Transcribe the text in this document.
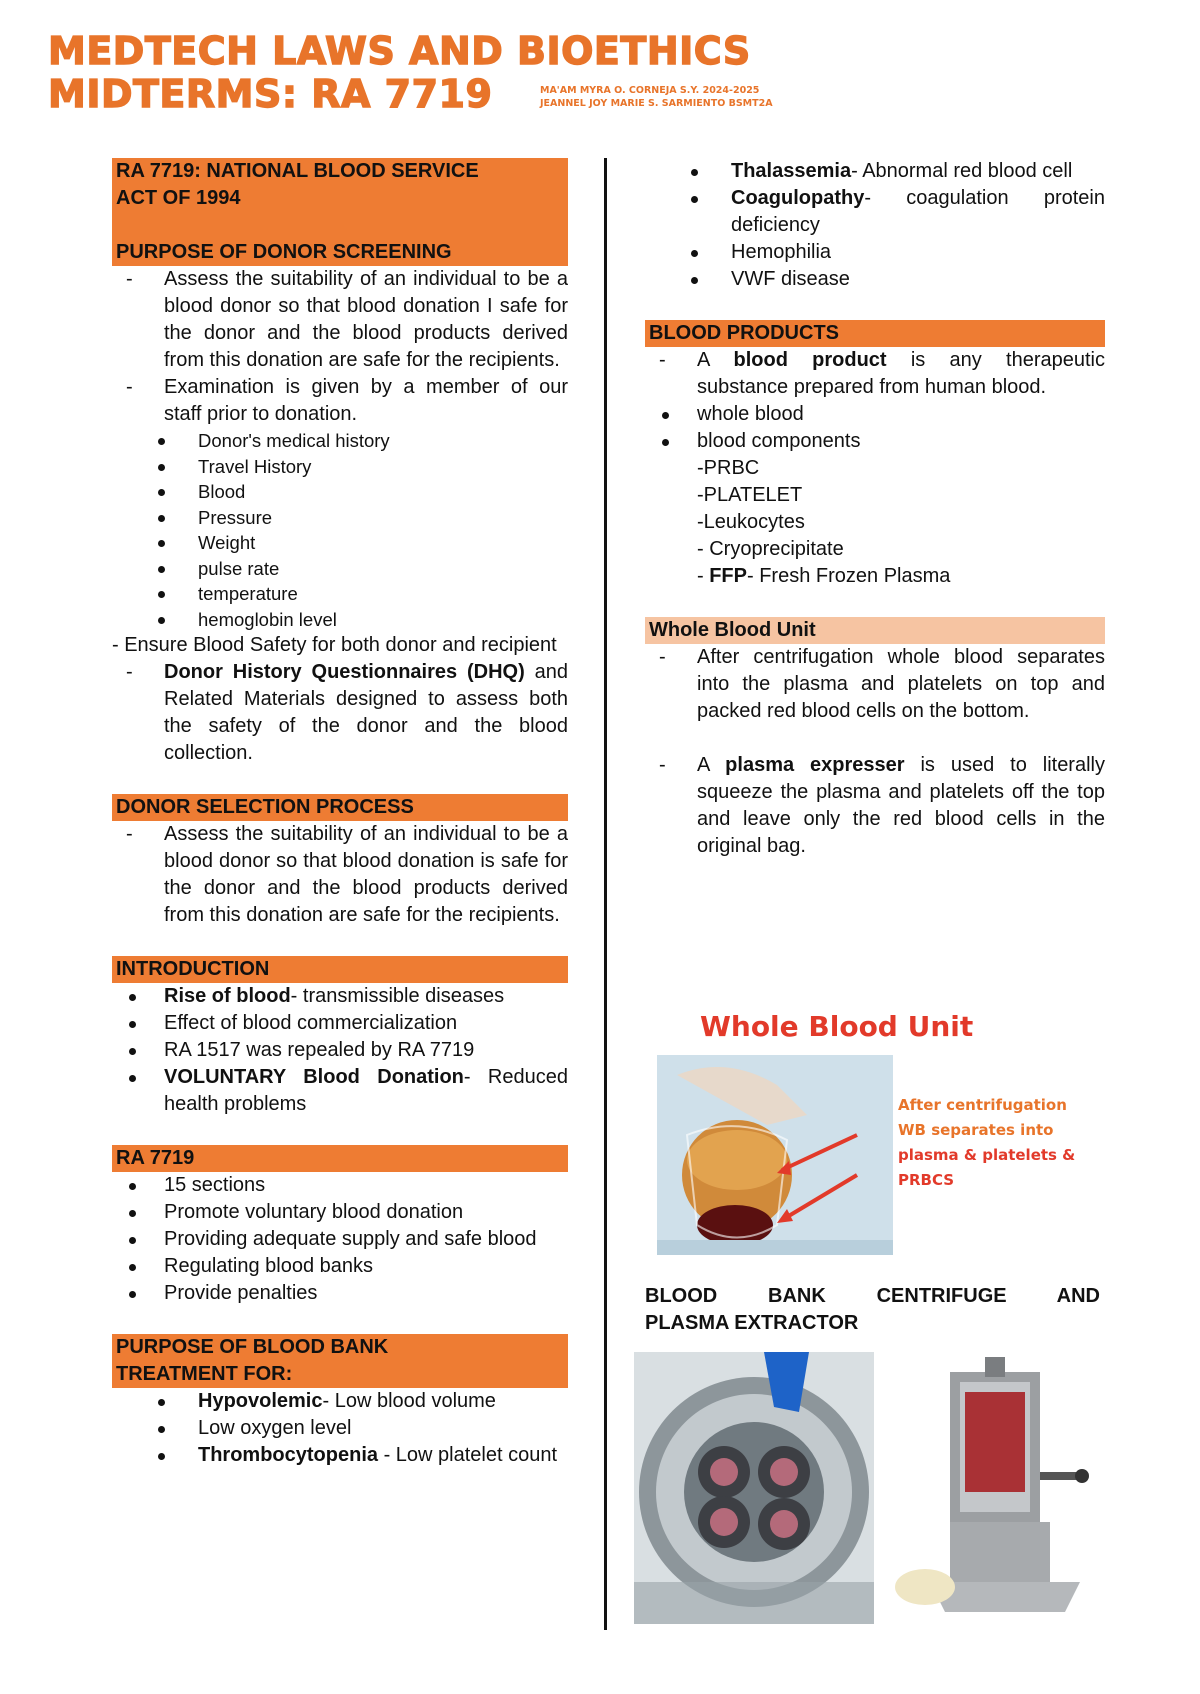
MEDTECH LAWS AND BIOETHICS
MIDTERMS: RA 7719	MA'AM MYRA O. CORNEJA S.Y. 2024-2025
JEANNEL JOY MARIE S. SARMIENTO BSMT2A
RA 7719: NATIONAL BLOOD SERVICE
ACT OF 1994
PURPOSE OF DONOR SCREENING
- Assess the suitability of an individual to be a blood donor so that blood donation I safe for the donor and the blood products derived from this donation are safe for the recipients.
- Examination is given by a member of our staff prior to donation.
Donor's medical history
Travel History
Blood
Pressure
Weight
pulse rate
temperature
hemoglobin level
- Ensure Blood Safety for both donor and recipient
- Donor History Questionnaires (DHQ) and Related Materials designed to assess both the safety of the donor and the blood collection.
DONOR SELECTION PROCESS
- Assess the suitability of an individual to be a blood donor so that blood donation is safe for the donor and the blood products derived from this donation are safe for the recipients.
INTRODUCTION
Rise of blood- transmissible diseases
Effect of blood commercialization
RA 1517 was repealed by RA 7719
VOLUNTARY Blood Donation- Reduced health problems
RA 7719
15 sections
Promote voluntary blood donation
Providing adequate supply and safe blood
Regulating blood banks
Provide penalties
PURPOSE OF BLOOD BANK
TREATMENT FOR:
Hypovolemic- Low blood volume
Low oxygen level
Thrombocytopenia - Low platelet count
Thalassemia- Abnormal red blood cell
Coagulopathy- coagulation protein deficiency
Hemophilia
VWF disease
BLOOD PRODUCTS
- A blood product is any therapeutic substance prepared from human blood.
whole blood
blood components
-PRBC
-PLATELET
-Leukocytes
- Cryoprecipitate
- FFP- Fresh Frozen Plasma
Whole Blood Unit
- After centrifugation whole blood separates into the plasma and platelets on top and packed red blood cells on the bottom.
- A plasma expresser is used to literally squeeze the plasma and platelets off the top and leave only the red blood cells in the original bag.
Whole Blood Unit
After centrifugation
WB separates into
plasma & platelets &
PRBCS
BLOOD BANK CENTRIFUGE AND
PLASMA EXTRACTOR
